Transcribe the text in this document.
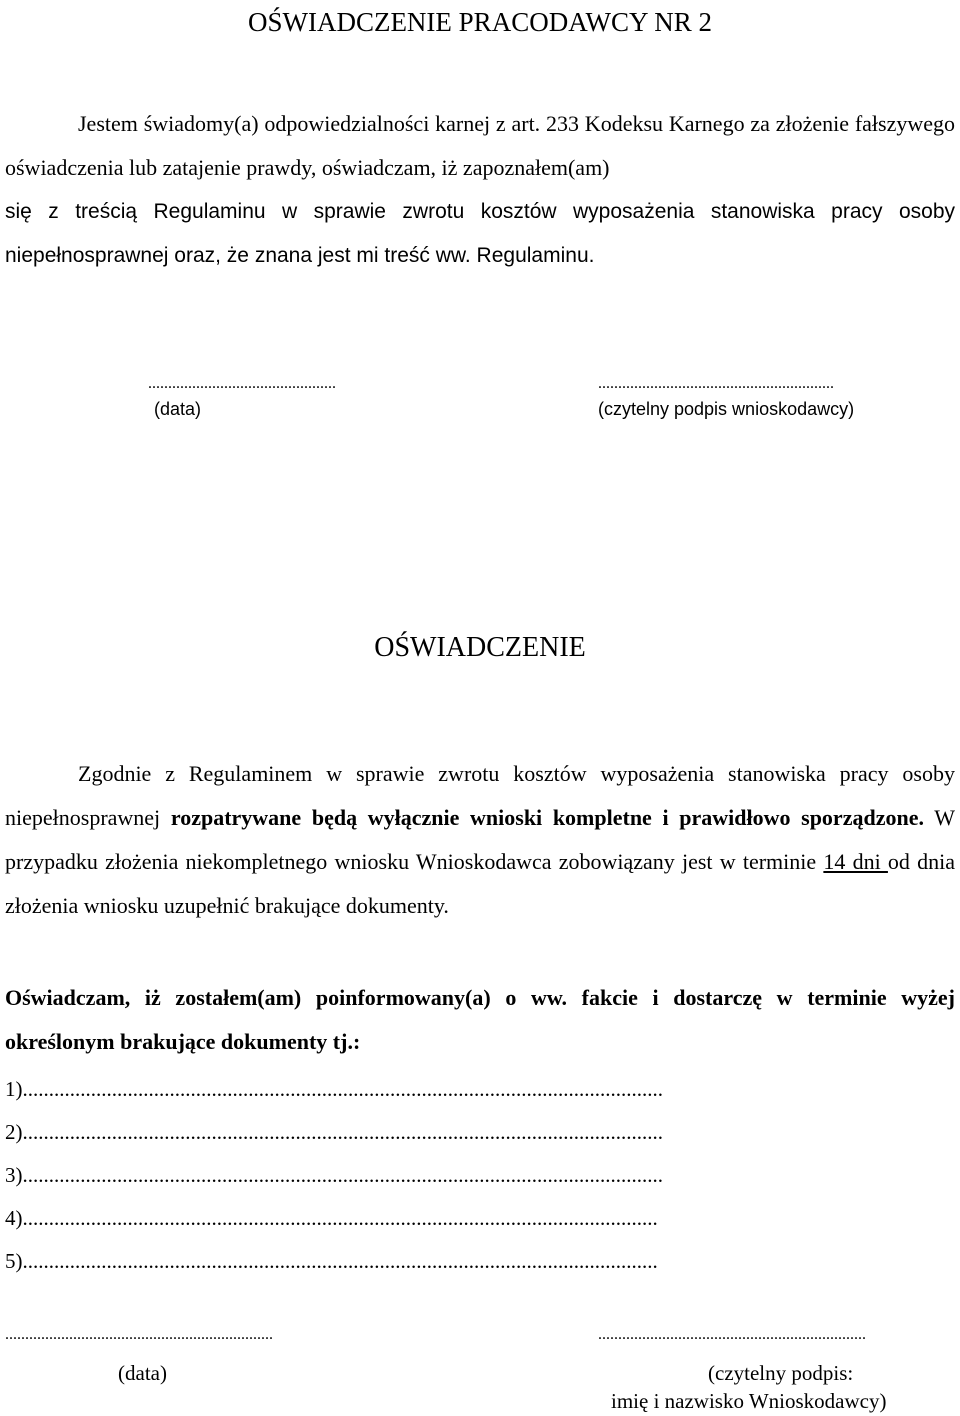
OŚWIADCZENIE PRACODAWCY NR 2
Jestem świadomy(a) odpowiedzialności karnej z art. 233 Kodeksu Karnego za złożenie fałszywego oświadczenia lub zatajenie prawdy, oświadczam, iż zapoznałem(am)
się z treścią Regulaminu w sprawie zwrotu kosztów wyposażenia stanowiska pracy osoby niepełnosprawnej oraz, że znana jest mi treść ww. Regulaminu.
...............................................
(data)
...........................................................
(czytelny podpis wnioskodawcy)
OŚWIADCZENIE
Zgodnie z Regulaminem w sprawie zwrotu kosztów wyposażenia stanowiska pracy osoby niepełnosprawnej rozpatrywane będą wyłącznie wnioski kompletne i prawidłowo sporządzone. W przypadku złożenia niekompletnego wniosku Wnioskodawca zobowiązany jest w terminie 14 dni od dnia złożenia wniosku uzupełnić brakujące dokumenty.
Oświadczam, iż zostałem(am) poinformowany(a) o ww. fakcie i dostarczę w terminie wyżej określonym brakujące dokumenty tj.:
1)..........................................................................................................................
2)..........................................................................................................................
3)..........................................................................................................................
4).........................................................................................................................
5).........................................................................................................................
...................................................................
(data)
...................................................................
(czytelny podpis:
imię i nazwisko Wnioskodawcy)
